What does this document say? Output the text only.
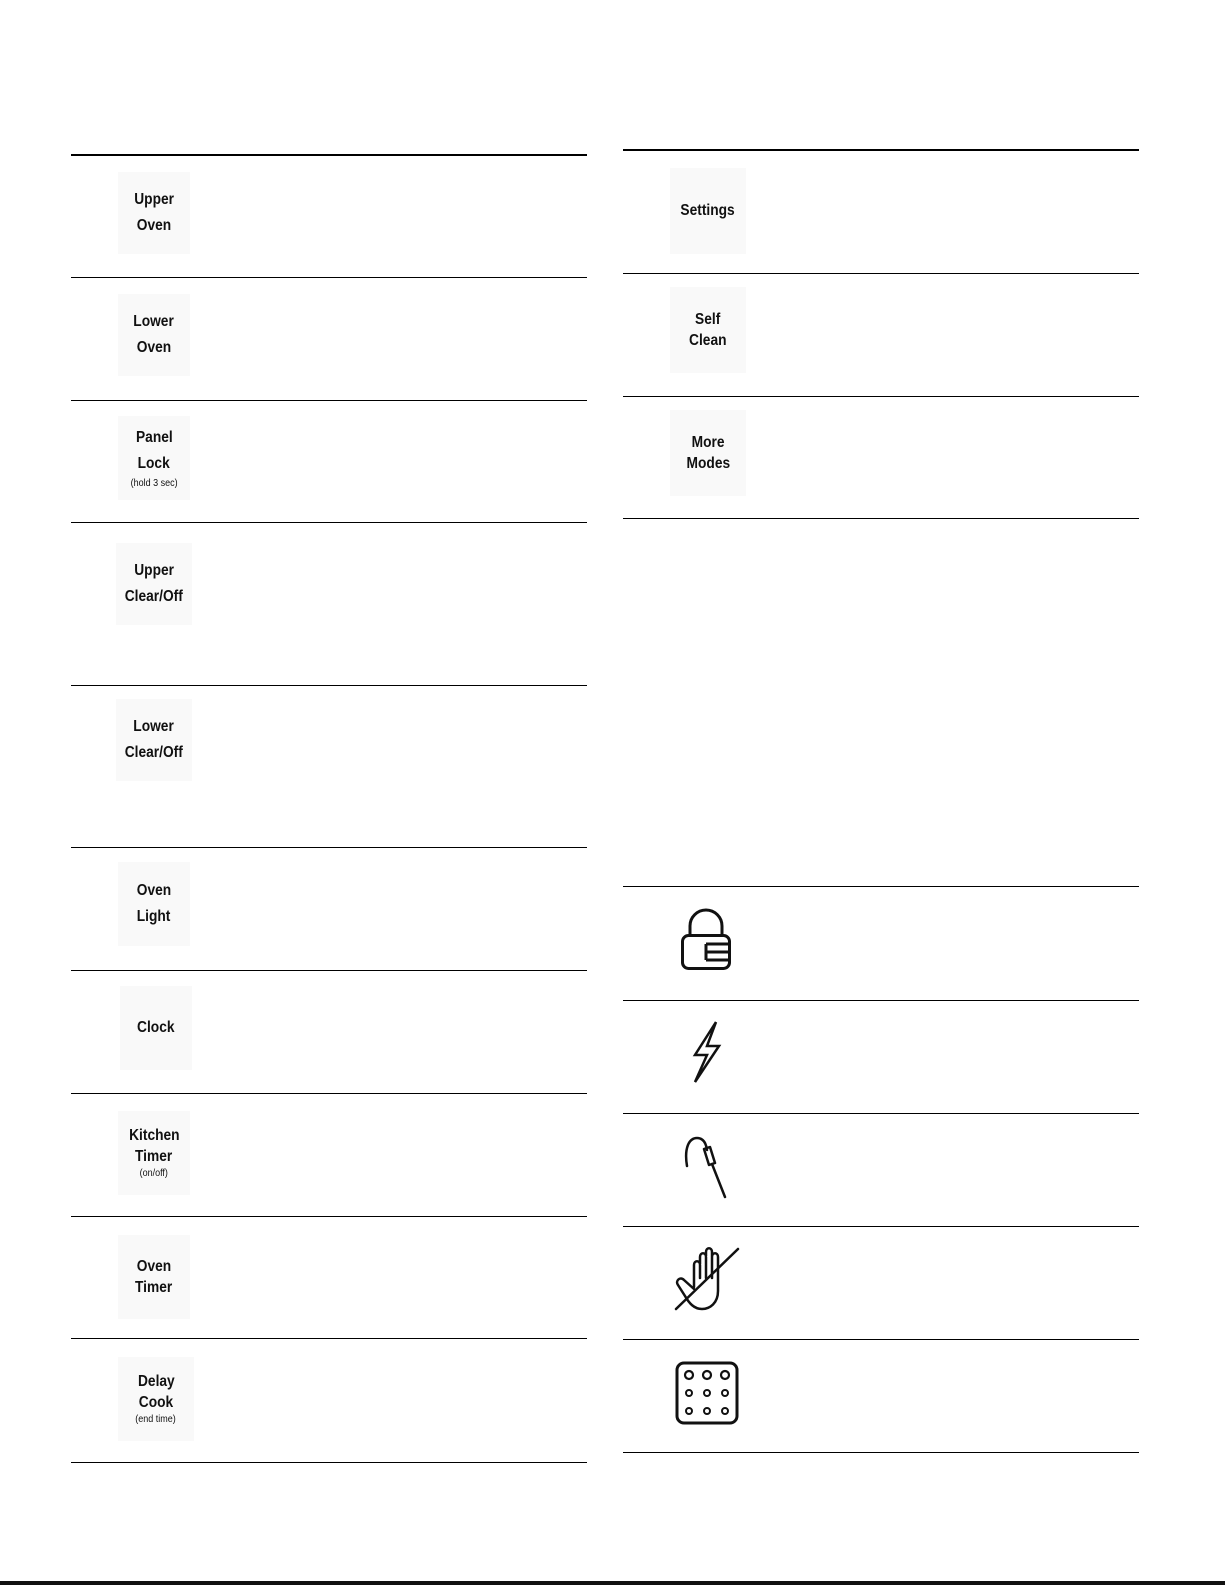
Upper
Oven
Lower
Oven
Panel
Lock
(hold 3 sec)
Upper
Clear/Off
Lower
Clear/Off
Oven
Light
Clock
Kitchen
Timer
(on/off)
Oven
Timer
Delay
Cook
(end time)
Settings
Self
Clean
More
Modes
